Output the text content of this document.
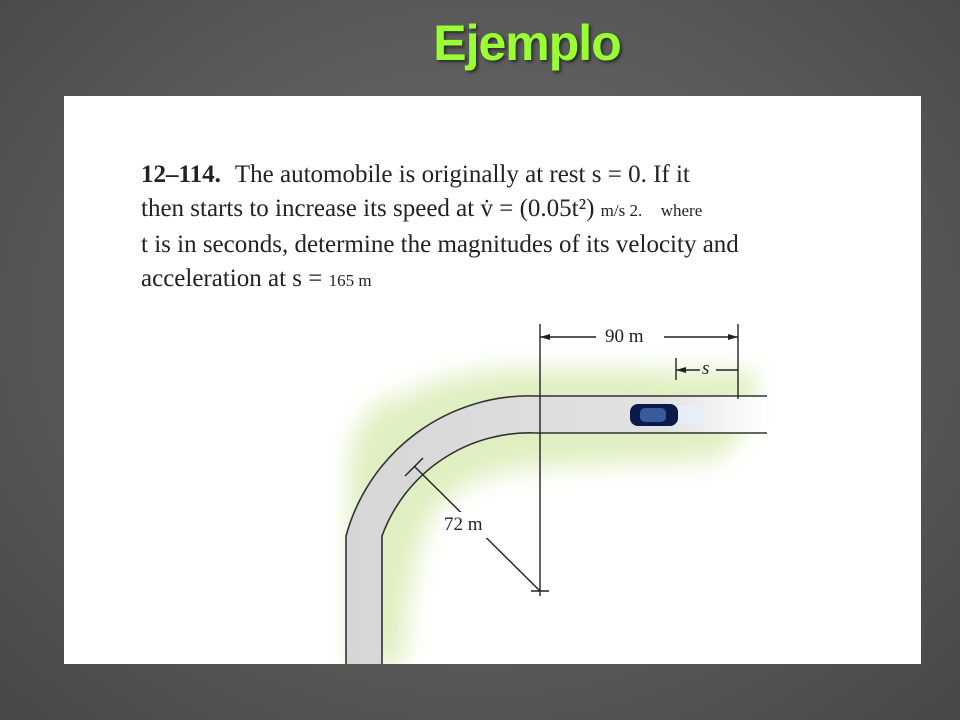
Ejemplo
12–114. The automobile is originally at rest s = 0. If it
then starts to increase its speed at v̇ = (0.05t²) m/s 2. where
t is in seconds, determine the magnitudes of its velocity and
acceleration at s = 165 m
90 m
s
72 m
